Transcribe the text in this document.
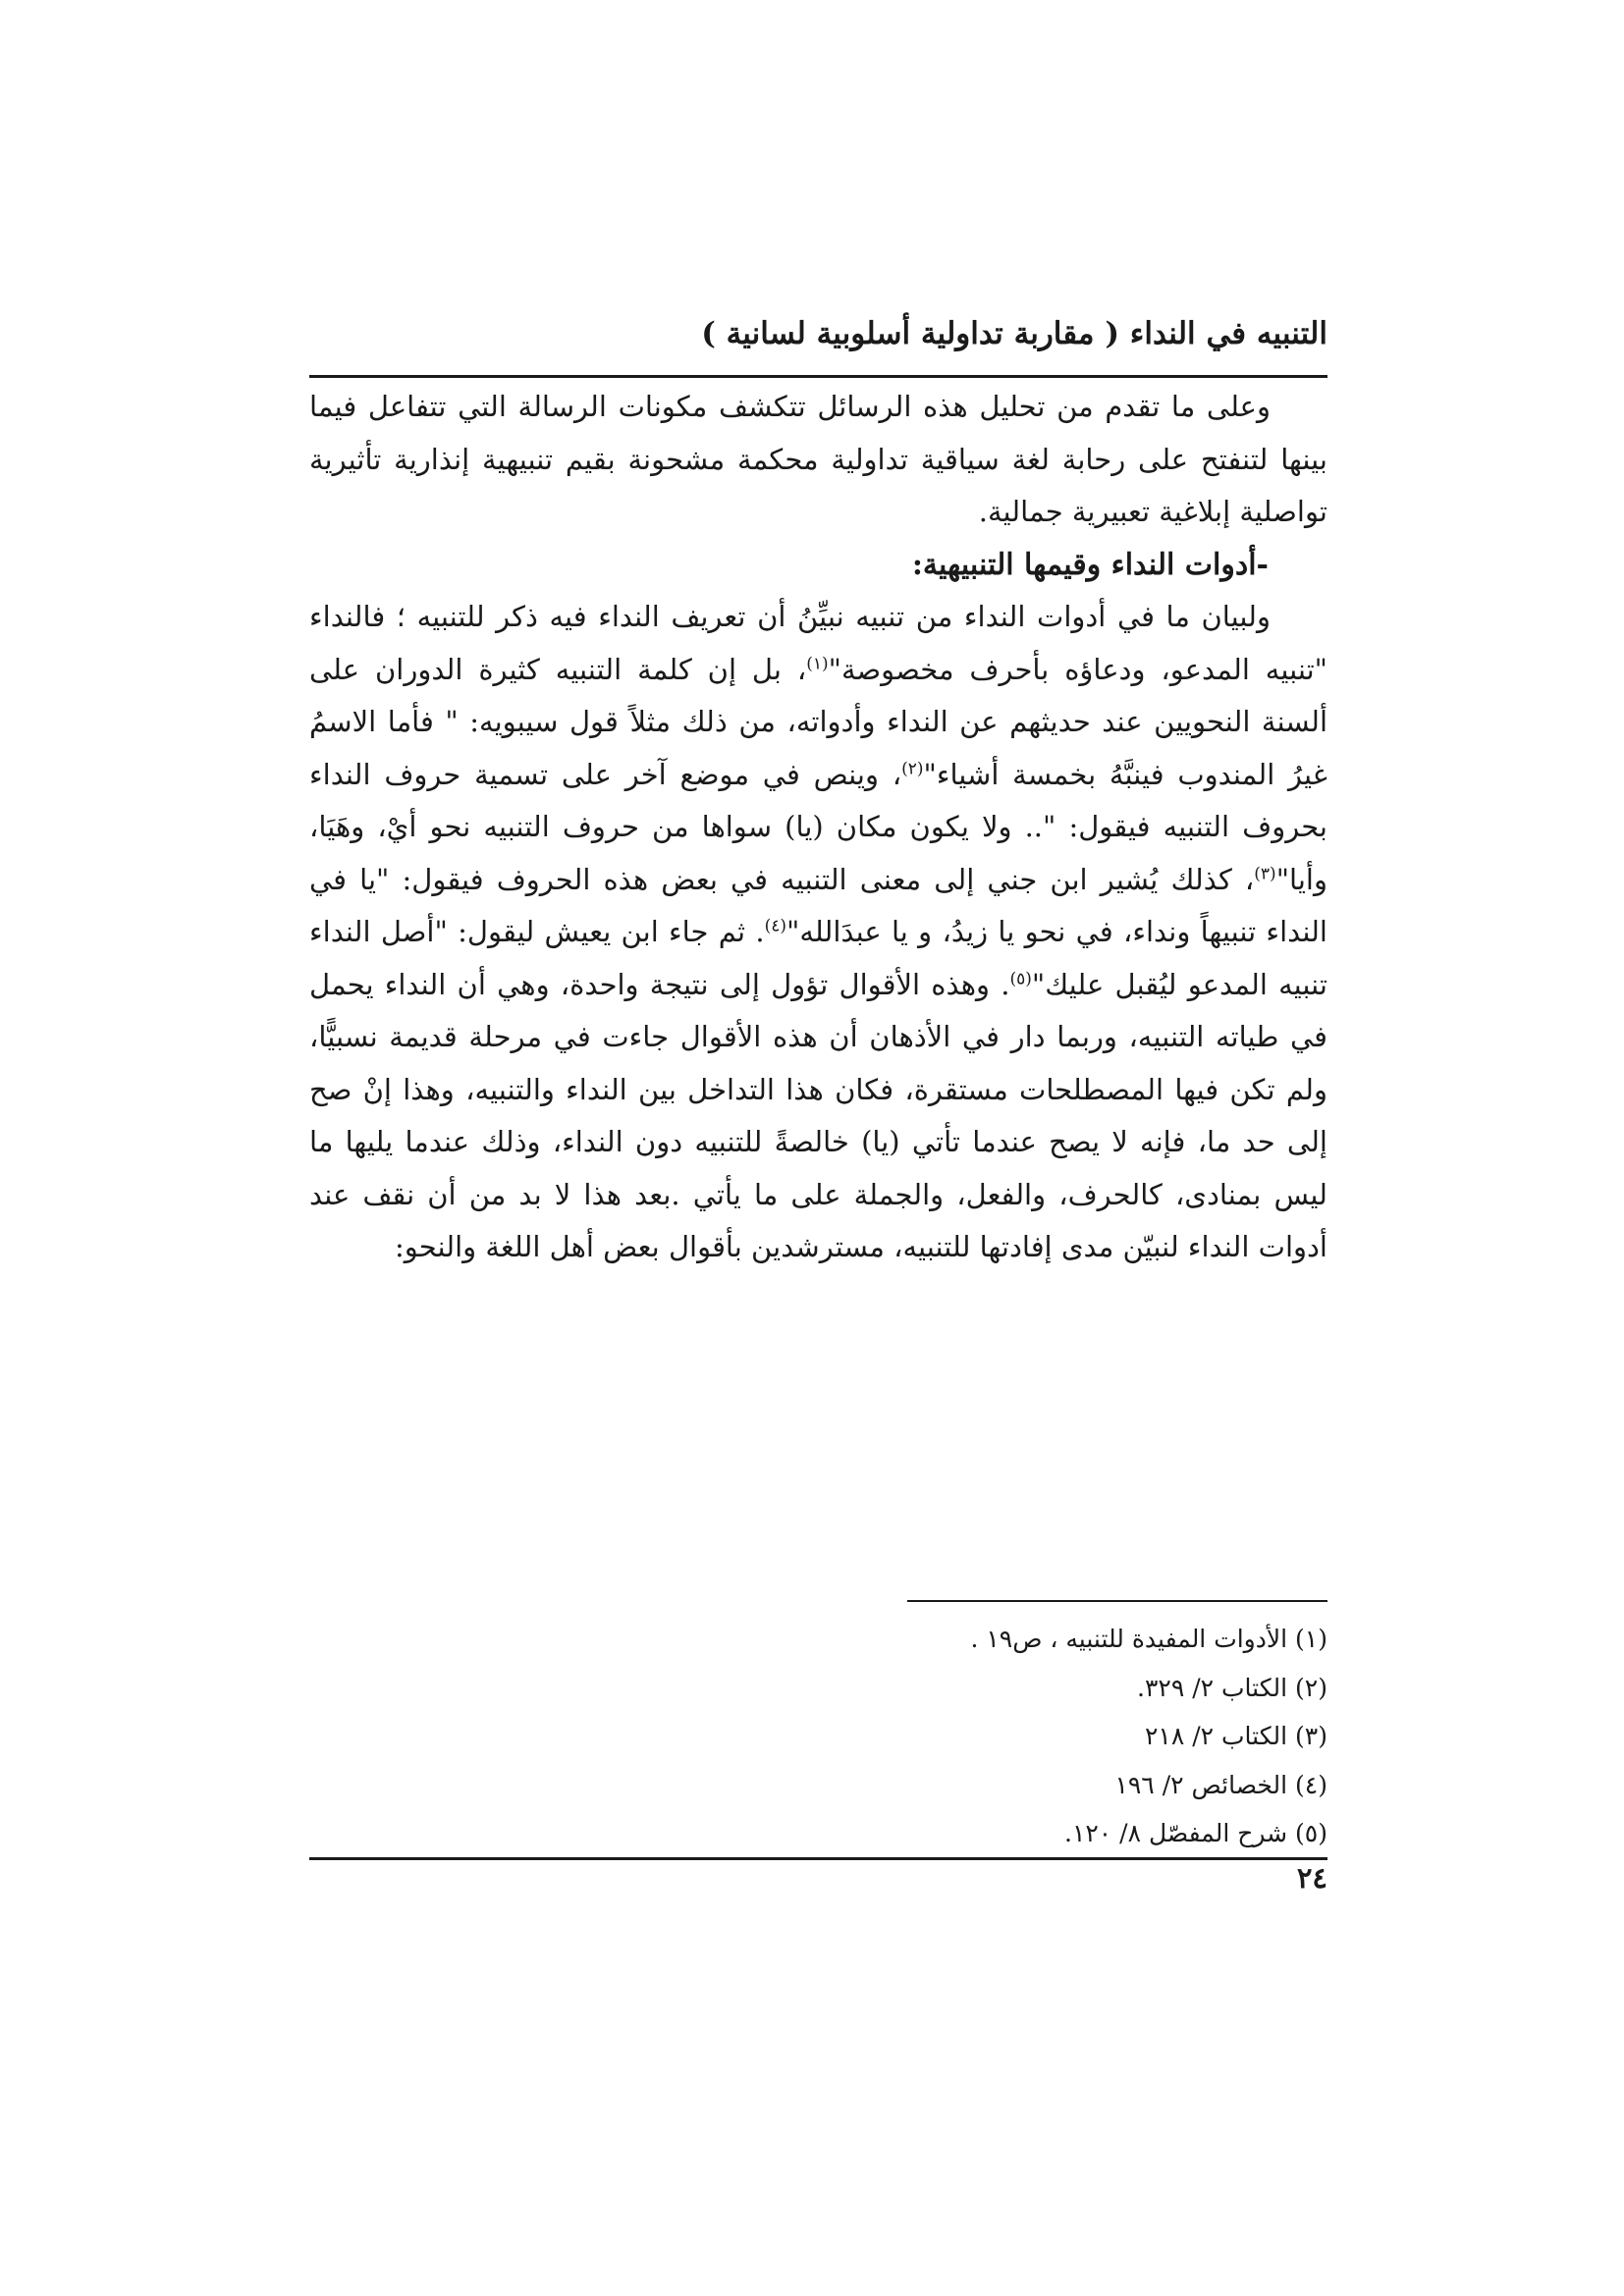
التنبيه في النداء ( مقاربة تداولية أسلوبية لسانية )

وعلى ما تقدم من تحليل هذه الرسائل تتكشف مكونات الرسالة التي تتفاعل فيما بينها لتنفتح على رحابة لغة سياقية تداولية محكمة مشحونة بقيم تنبيهية إنذارية تأثيرية تواصلية إبلاغية تعبيرية جمالية.

-أدوات النداء وقيمها التنبيهية:

ولبيان ما في أدوات النداء من تنبيه نبيِّنُ أن تعريف النداء فيه ذكر للتنبيه ؛ فالنداء "تنبيه المدعو، ودعاؤه بأحرف مخصوصة"$^{(١)}$، بل إن كلمة التنبيه كثيرة الدوران على ألسنة النحويين عند حديثهم عن النداء وأدواته، من ذلك مثلاً قول سيبويه: " فأما الاسمُ غيرُ المندوب فينبَّهُ بخمسة أشياء"$^{(٢)}$، وينص في موضع آخر على تسمية حروف النداء بحروف التنبيه فيقول: ".. ولا يكون مكان (يا) سواها من حروف التنبيه نحو أيْ، وهَيَا، وأيا"$^{(٣)}$، كذلك يُشير ابن جني إلى معنى التنبيه في بعض هذه الحروف فيقول: "يا في النداء تنبيهاً ونداء، في نحو يا زيدُ، و يا عبدَالله"$^{(٤)}$. ثم جاء ابن يعيش ليقول: "أصل النداء تنبيه المدعو ليُقبل عليك"$^{(٥)}$. وهذه الأقوال تؤول إلى نتيجة واحدة، وهي أن النداء يحمل في طياته التنبيه، وربما دار في الأذهان أن هذه الأقوال جاءت في مرحلة قديمة نسبيًّا، ولم تكن فيها المصطلحات مستقرة، فكان هذا التداخل بين النداء والتنبيه، وهذا إنْ صح إلى حد ما، فإنه لا يصح عندما تأتي (يا) خالصةً للتنبيه دون النداء، وذلك عندما يليها ما ليس بمنادى، كالحرف، والفعل، والجملة على ما يأتي .بعد هذا لا بد من أن نقف عند أدوات النداء لنبيّن مدى إفادتها للتنبيه، مسترشدين بأقوال بعض أهل اللغة والنحو:

(١) الأدوات المفيدة للتنبيه ، ص١٩ .
(٢) الكتاب ٢/ ٣٢٩.
(٣) الكتاب ٢/ ٢١٨
(٤) الخصائص ٢/ ١٩٦
(٥) شرح المفصّل ٨/ ١٢٠.
٢٤
